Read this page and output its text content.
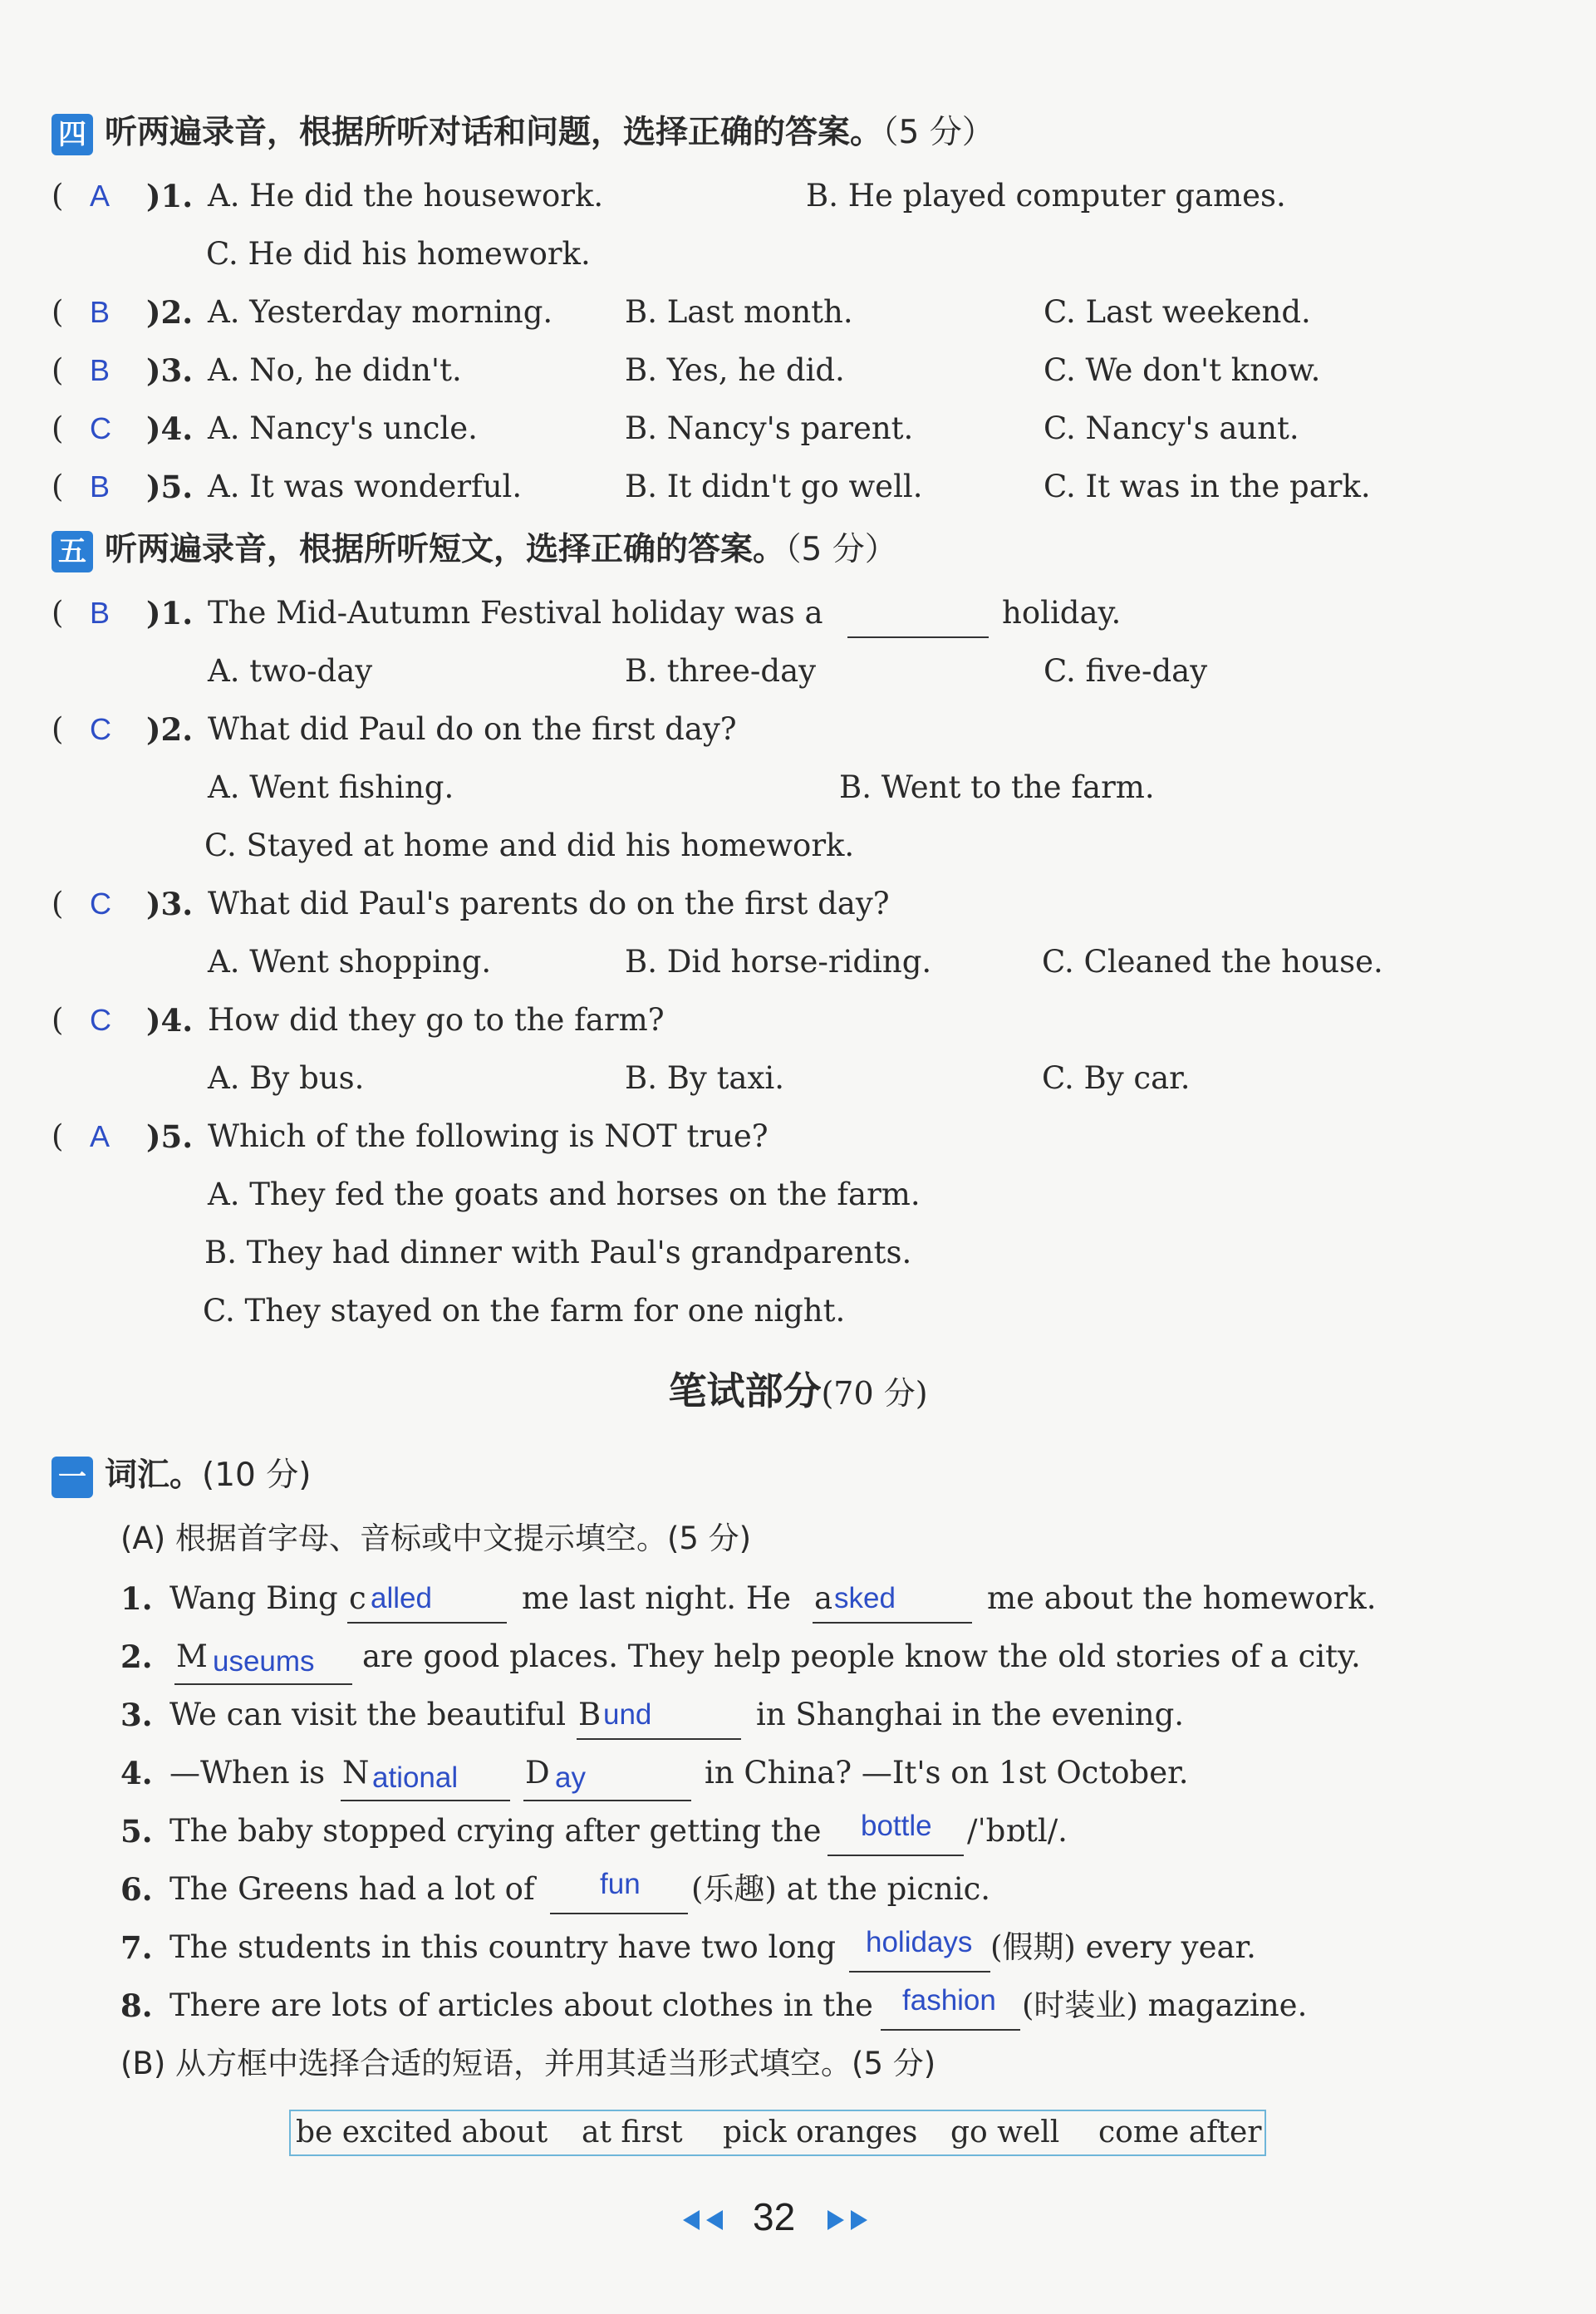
四 听两遍录音，根据所听对话和问题，选择正确的答案。（5 分）
( A )1. A. He did the housework.	B. He played computer games.
C. He did his homework.
( B )2. A. Yesterday morning. B. Last month.	C. Last weekend.
( B )3. A. No, he didn't.	B. Yes, he did.	C. We don't know.
( C )4. A. Nancy's uncle.	B. Nancy's parent.	C. Nancy's aunt.
( B )5. A. It was wonderful.	B. It didn't go well.	C. It was in the park.
五 听两遍录音，根据所听短文，选择正确的答案。（5 分）
( B )1. The Mid-Autumn Festival holiday was a	holiday.
A. two-day	B. three-day	C. five-day
( C )2. What did Paul do on the first day?
A. Went fishing.	B. Went to the farm.
C. Stayed at home and did his homework.
( C )3. What did Paul's parents do on the first day?
A. Went shopping.	B. Did horse-riding.	C. Cleaned the house.
( C )4. How did they go to the farm?
A. By bus.	B. By taxi.	C. By car.
( A )5. Which of the following is NOT true?
A. They fed the goats and horses on the farm.
B. They had dinner with Paul's grandparents.
C. They stayed on the farm for one night.
笔试部分(70 分)
一 词汇。(10 分)
(A) 根据首字母、音标或中文提示填空。(5 分)
1. Wang Bing c alled	me last night. He a sked	me about the homework.
2. M useums are good places. They help people know the old stories of a city.
3. We can visit the beautiful B und	in Shanghai in the evening.
4. —When is N ational D ay	in China? —It's on 1st October.
5. The baby stopped crying after getting the bottle /ˈbɒtl/.
6. The Greens had a lot of fun (乐趣) at the picnic.
7. The students in this country have two long holidays (假期) every year.
8. There are lots of articles about clothes in the fashion (时装业) magazine.
(B) 从方框中选择合适的短语，并用其适当形式填空。(5 分)
be excited about at first pick oranges go well come after
32
